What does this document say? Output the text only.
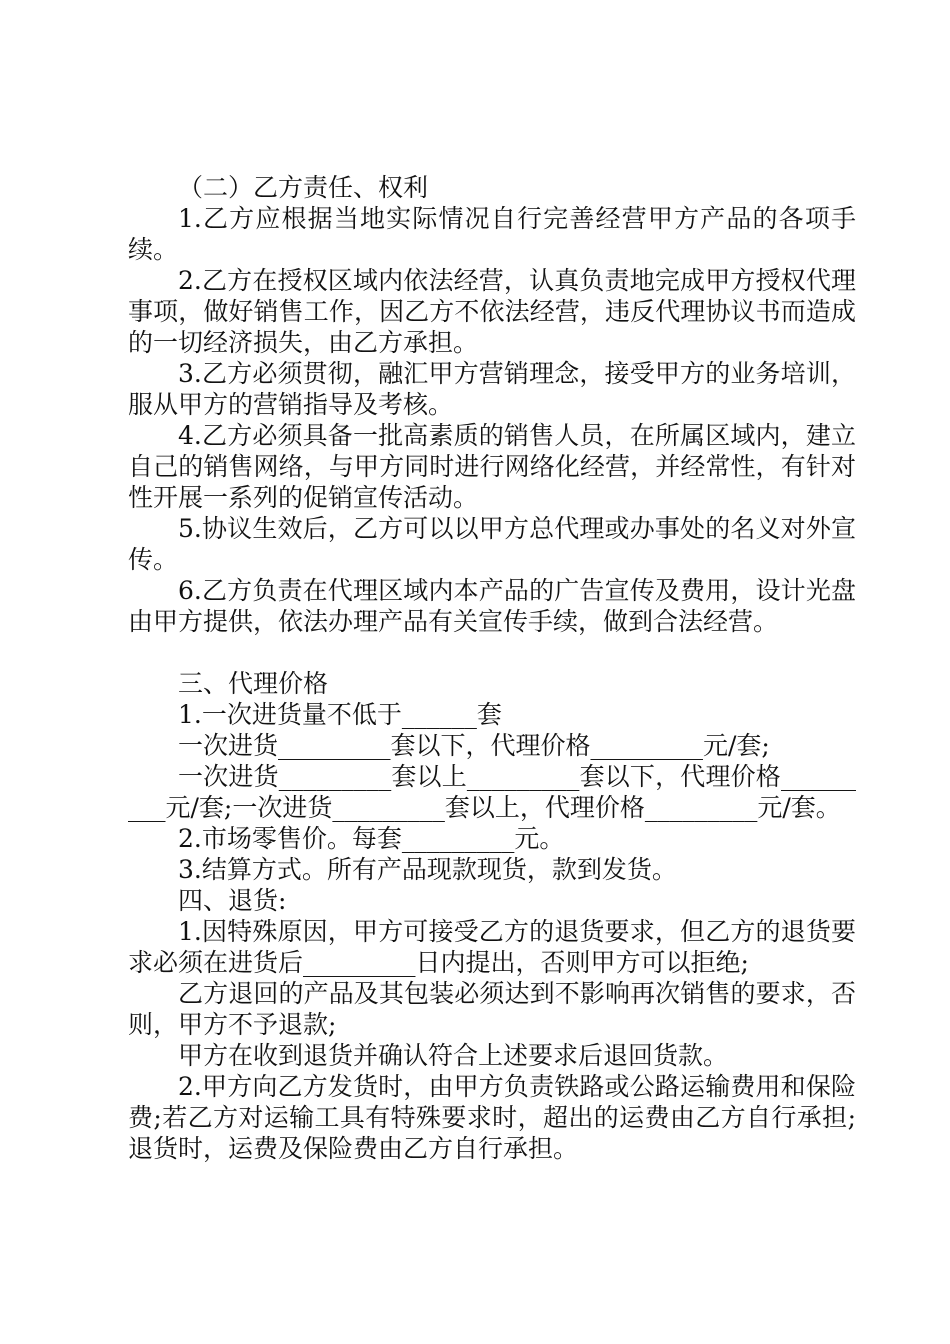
（二）乙方责任、权利

1.乙方应根据当地实际情况自行完善经营甲方产品的各项手续。

2.乙方在授权区域内依法经营，认真负责地完成甲方授权代理事项，做好销售工作，因乙方不依法经营，违反代理协议书而造成的一切经济损失，由乙方承担。

3.乙方必须贯彻，融汇甲方营销理念，接受甲方的业务培训，服从甲方的营销指导及考核。

4.乙方必须具备一批高素质的销售人员，在所属区域内，建立自己的销售网络，与甲方同时进行网络化经营，并经常性，有针对性开展一系列的促销宣传活动。

5.协议生效后，乙方可以以甲方总代理或办事处的名义对外宣传。

6.乙方负责在代理区域内本产品的广告宣传及费用，设计光盘由甲方提供，依法办理产品有关宣传手续，做到合法经营。

三、代理价格

1.一次进货量不低于______套

一次进货_________套以下，代理价格_________元/套;

一次进货_________套以上_________套以下，代理价格_________元/套;一次进货_________套以上，代理价格_________元/套。

2.市场零售价。每套_________元。

3.结算方式。所有产品现款现货，款到发货。

四、退货:

1.因特殊原因，甲方可接受乙方的退货要求，但乙方的退货要求必须在进货后_________日内提出，否则甲方可以拒绝;

乙方退回的产品及其包装必须达到不影响再次销售的要求，否则，甲方不予退款;

甲方在收到退货并确认符合上述要求后退回货款。

2.甲方向乙方发货时，由甲方负责铁路或公路运输费用和保险费;若乙方对运输工具有特殊要求时，超出的运费由乙方自行承担;退货时，运费及保险费由乙方自行承担。
